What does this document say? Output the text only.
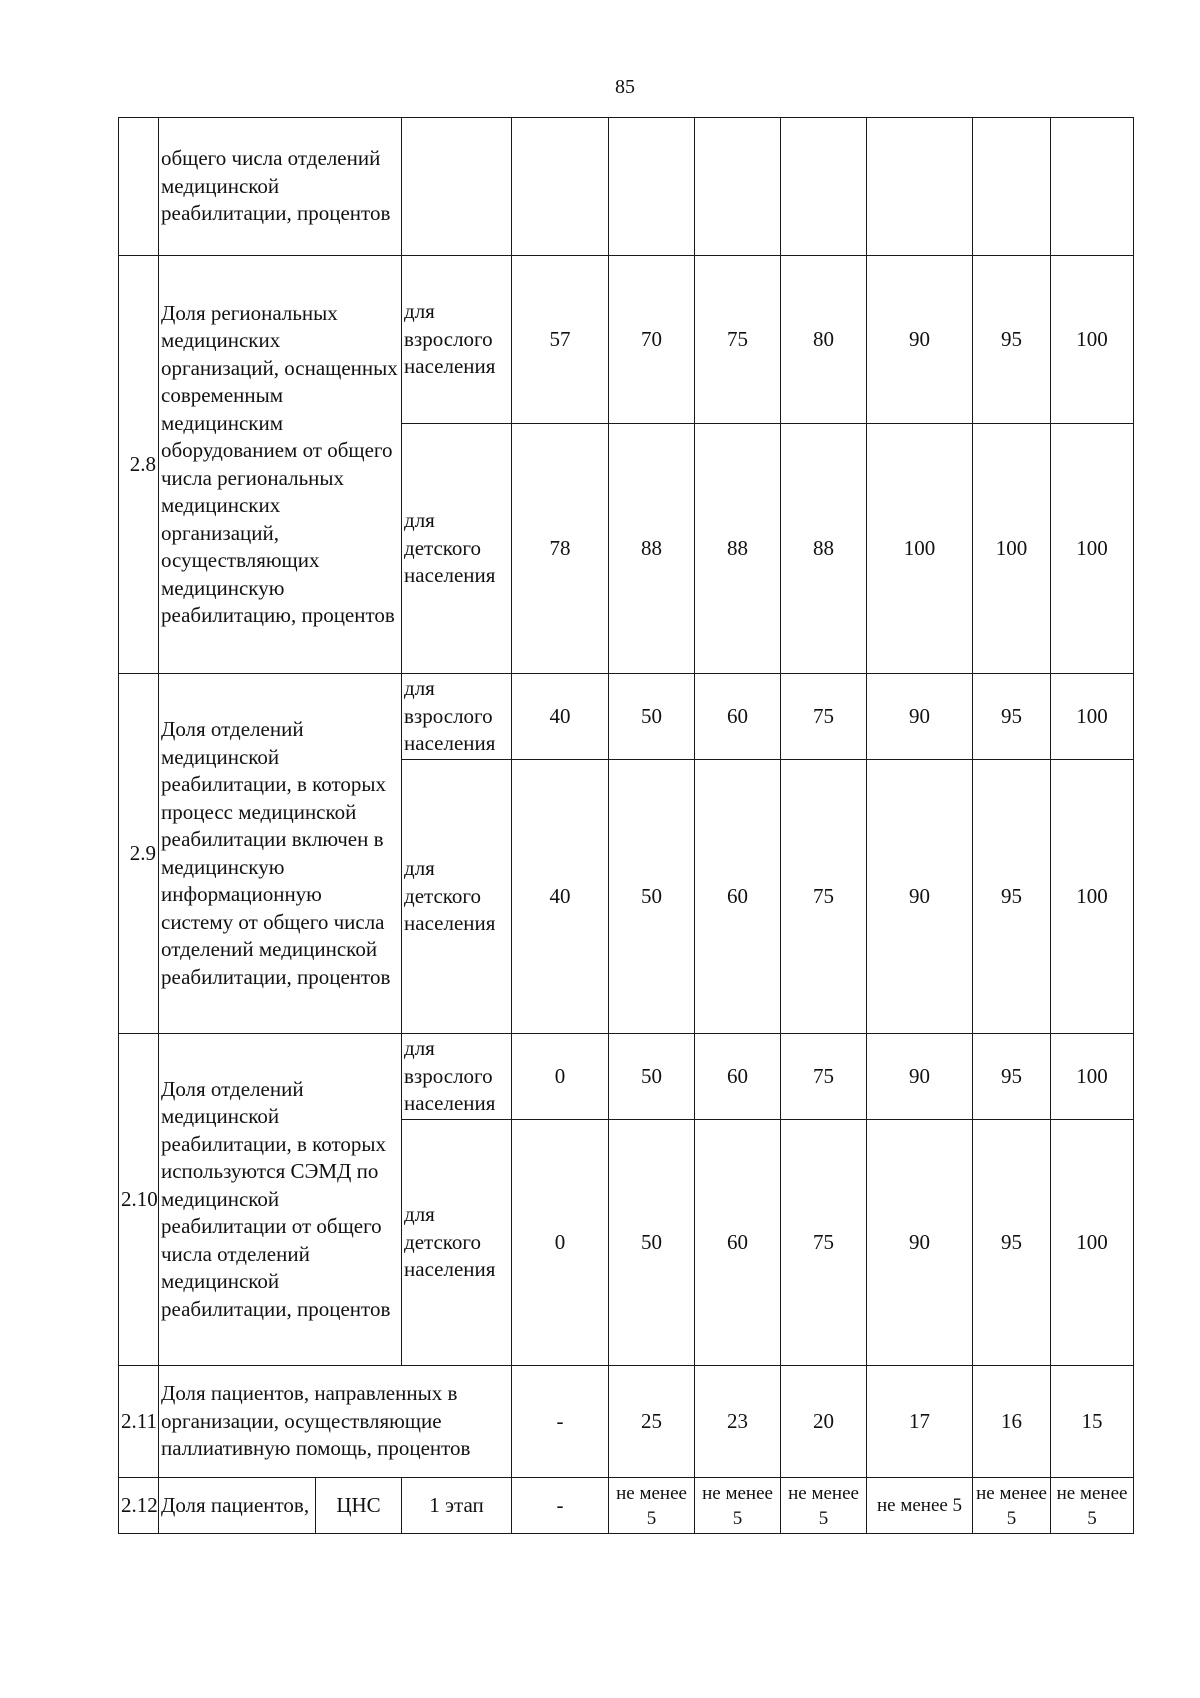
85
	общего числа отделений медицинской реабилитации, процентов									
2.8	Доля региональных медицинских организаций, оснащенных современным медицинским оборудованием от общего числа региональных медицинских организаций, осуществляющих медицинскую реабилитацию, процентов		для взрослого населения	57	70	75	80	90	95	100
			для детского населения	78	88	88	88	100	100	100
2.9	Доля отделений медицинской реабилитации, в которых процесс медицинской реабилитации включен в медицинскую информационную систему от общего числа отделений медицинской реабилитации, процентов		для взрослого населения	40	50	60	75	90	95	100
			для детского населения	40	50	60	75	90	95	100
2.10	Доля отделений медицинской реабилитации, в которых используются СЭМД по медицинской реабилитации от общего числа отделений медицинской реабилитации, процентов		для взрослого населения	0	50	60	75	90	95	100
			для детского населения	0	50	60	75	90	95	100
2.11	Доля пациентов, направленных в организации, осуществляющие паллиативную помощь, процентов			-	25	23	20	17	16	15
2.12	Доля пациентов,	ЦНС	1 этап	-	не менее 5	не менее 5	не менее 5	не менее 5	не менее 5	не менее 5
